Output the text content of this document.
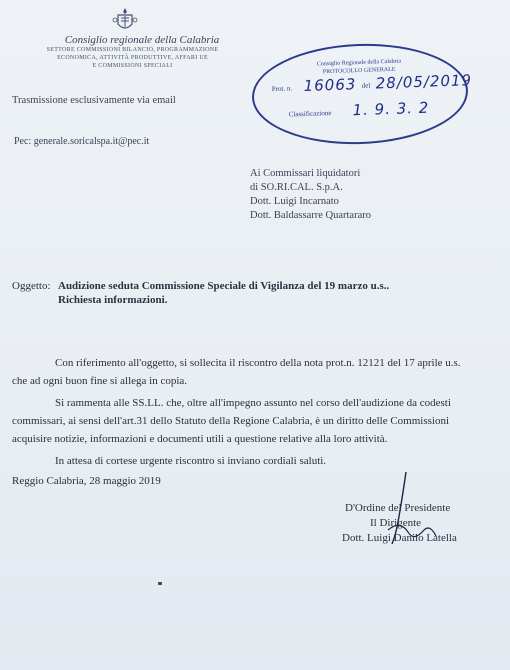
Consiglio regionale della Calabria
SETTORE COMMISSIONI BILANCIO, PROGRAMMAZIONE
ECONOMICA, ATTIVITÀ PRODUTTIVE, AFFARI UE
E COMMISSIONI SPECIALI
Trasmissione esclusivamente via email
Pec: generale.soricalspa.it@pec.it
Consiglio Regionale della Calabria
PROTOCOLLO GENERALE
Prot. n. 16063 del 28/05/2019
Classificazione 1. 9. 3. 2
Ai Commissari liquidatori
di SO.RI.CAL. S.p.A.
Dott. Luigi Incarnato
Dott. Baldassarre Quartararo
Oggetto: Audizione seduta Commissione Speciale di Vigilanza del 19 marzo u.s..
Richiesta informazioni.
Con riferimento all'oggetto, si sollecita il riscontro della nota prot.n. 12121 del 17 aprile u.s.
che ad ogni buon fine si allega in copia.
Si rammenta alle SS.LL. che, oltre all'impegno assunto nel corso dell'audizione da codesti
commissari, ai sensi dell'art.31 dello Statuto della Regione Calabria, è un diritto delle Commissioni
acquisire notizie, informazioni e documenti utili a questione relative alla loro attività.
In attesa di cortese urgente riscontro si inviano cordiali saluti.
Reggio Calabria, 28 maggio 2019
D'Ordine del Presidente
Il Dirigente
Dott. Luigi Danilo Latella
